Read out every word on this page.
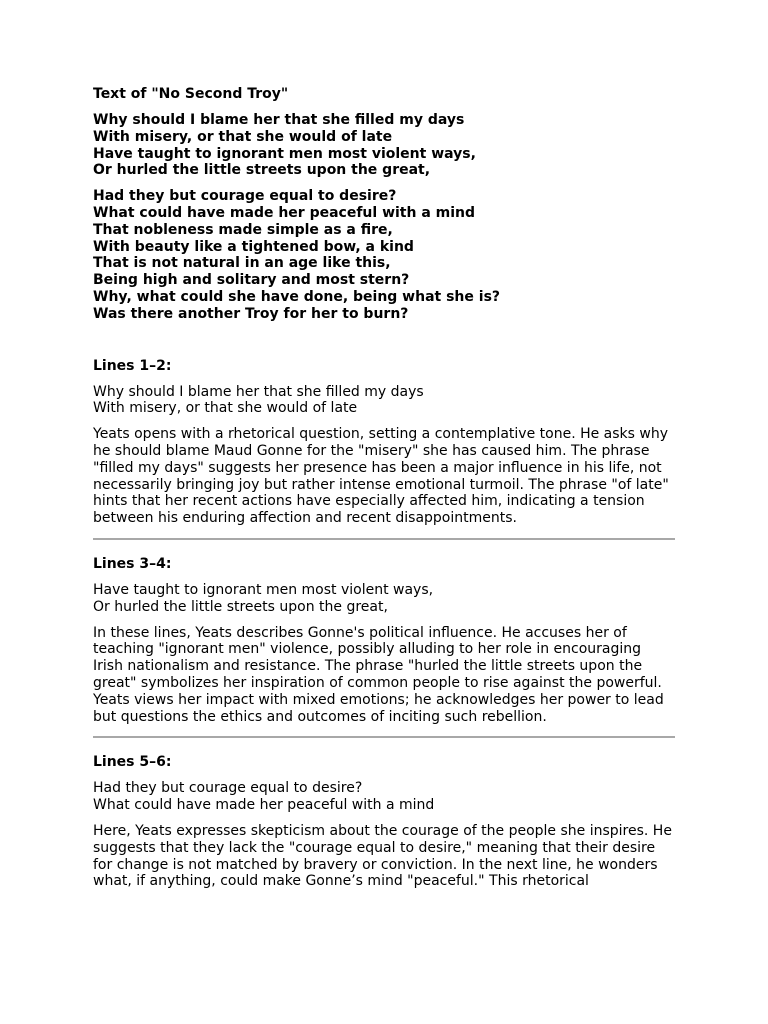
Text of "No Second Troy"
Why should I blame her that she filled my days
With misery, or that she would of late
Have taught to ignorant men most violent ways,
Or hurled the little streets upon the great,
Had they but courage equal to desire?
What could have made her peaceful with a mind
That nobleness made simple as a fire,
With beauty like a tightened bow, a kind
That is not natural in an age like this,
Being high and solitary and most stern?
Why, what could she have done, being what she is?
Was there another Troy for her to burn?
Lines 1–2:
Why should I blame her that she filled my days
With misery, or that she would of late

Yeats opens with a rhetorical question, setting a contemplative tone. He asks why he should blame Maud Gonne for the "misery" she has caused him. The phrase "filled my days" suggests her presence has been a major influence in his life, not necessarily bringing joy but rather intense emotional turmoil. The phrase "of late" hints that her recent actions have especially affected him, indicating a tension between his enduring affection and recent disappointments.

Lines 3–4:
Have taught to ignorant men most violent ways,
Or hurled the little streets upon the great,

In these lines, Yeats describes Gonne's political influence. He accuses her of teaching "ignorant men" violence, possibly alluding to her role in encouraging Irish nationalism and resistance. The phrase "hurled the little streets upon the great" symbolizes her inspiration of common people to rise against the powerful. Yeats views her impact with mixed emotions; he acknowledges her power to lead but questions the ethics and outcomes of inciting such rebellion.

Lines 5–6:
Had they but courage equal to desire?
What could have made her peaceful with a mind

Here, Yeats expresses skepticism about the courage of the people she inspires. He suggests that they lack the "courage equal to desire," meaning that their desire for change is not matched by bravery or conviction. In the next line, he wonders what, if anything, could make Gonne’s mind "peaceful." This rhetorical
